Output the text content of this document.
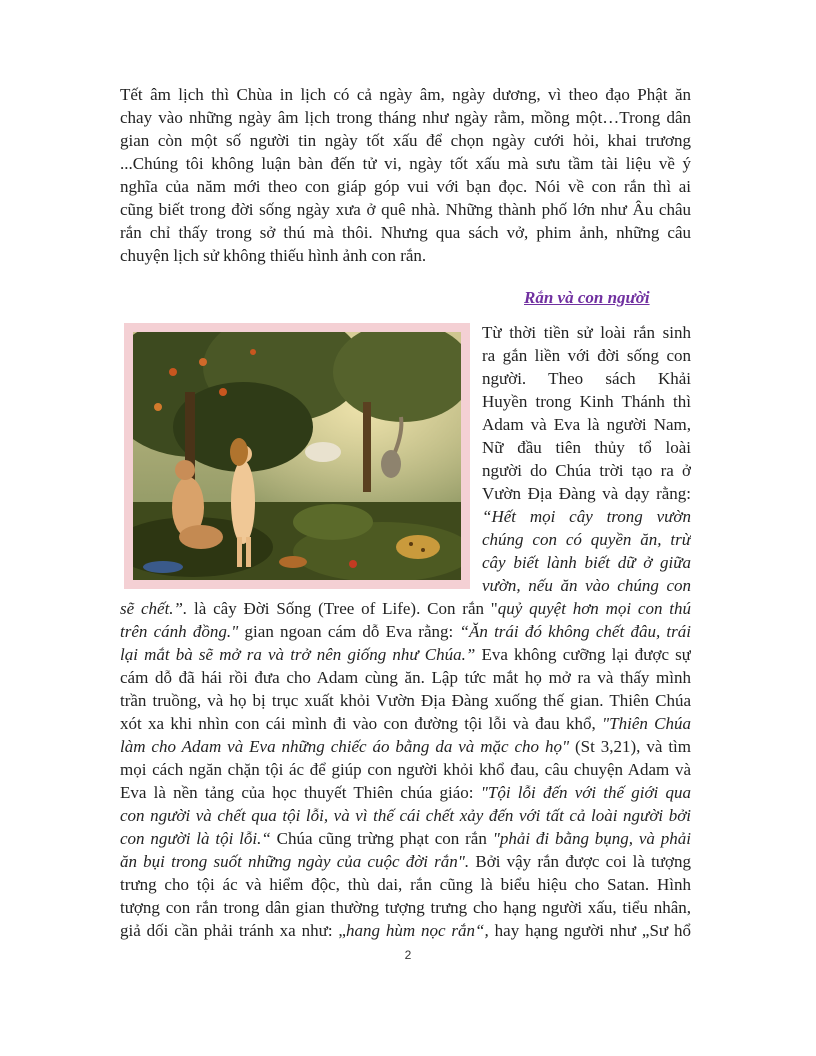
Tết âm lịch thì Chùa in lịch có cả ngày âm, ngày dương, vì theo đạo Phật ăn
chay vào những ngày âm lịch trong tháng như ngày rằm, mồng một…Trong dân
gian còn một số người tin ngày tốt xấu để chọn ngày cưới hỏi, khai trương
...Chúng tôi không luận bàn đến tử vi, ngày tốt xấu mà sưu tầm tài liệu về ý
nghĩa của năm mới theo con giáp góp vui với bạn đọc. Nói về con rắn thì ai
cũng biết trong đời sống ngày xưa ở quê nhà. Những thành phố lớn như Âu châu
rắn chỉ thấy trong sở thú mà thôi. Nhưng qua sách vở, phim ảnh, những câu
chuyện lịch sử không thiếu hình ảnh con rắn.
Rắn và con người
Từ thời tiền sử loài rắn sinh
ra gắn liền với đời sống con
người. Theo sách Khải
Huyền trong Kinh Thánh thì
Adam và Eva là người Nam,
Nữ đầu tiên thủy tổ loài
người do Chúa trời tạo ra ở
Vườn Địa Đàng và dạy rằng:
“Hết mọi cây trong vườn
chúng con có quyền ăn, trừ
cây biết lành biết dữ ở giữa
vườn, nếu ăn vào chúng con
sẽ chết.”. là cây Đời Sống (Tree of Life). Con rắn "quỷ quyệt hơn mọi con thú
trên cánh đồng." gian ngoan cám dỗ Eva rằng: “Ăn trái đó không chết đâu, trái
lại mắt bà sẽ mở ra và trở nên giống như Chúa.” Eva không cưỡng lại được sự
cám dỗ đã hái rồi đưa cho Adam cùng ăn. Lập tức mắt họ mở ra và thấy mình
trần truồng, và họ bị trục xuất khỏi Vườn Địa Đàng xuống thế gian. Thiên Chúa
xót xa khi nhìn con cái mình đi vào con đường tội lỗi và đau khổ, "Thiên Chúa
làm cho Adam và Eva những chiếc áo bằng da và mặc cho họ" (St 3,21), và tìm
mọi cách ngăn chặn tội ác để giúp con người khỏi khổ đau, câu chuyện Adam và
Eva là nền tảng của học thuyết Thiên chúa giáo: "Tội lỗi đến với thế giới qua
con người và chết qua tội lỗi, và vì thế cái chết xảy đến với tất cả loài người bởi
con người là tội lỗi.“ Chúa cũng trừng phạt con rắn "phải đi bằng bụng, và phải
ăn bụi trong suốt những ngày của cuộc đời rắn". Bởi vậy rắn được coi là tượng
trưng cho tội ác và hiểm độc, thù dai, rắn cũng là biểu hiệu cho Satan. Hình
tượng con rắn trong dân gian thường tượng trưng cho hạng người xấu, tiểu nhân,
giả dối cần phải tránh xa như: „hang hùm nọc rắn“, hay hạng người như „Sư hổ
2
